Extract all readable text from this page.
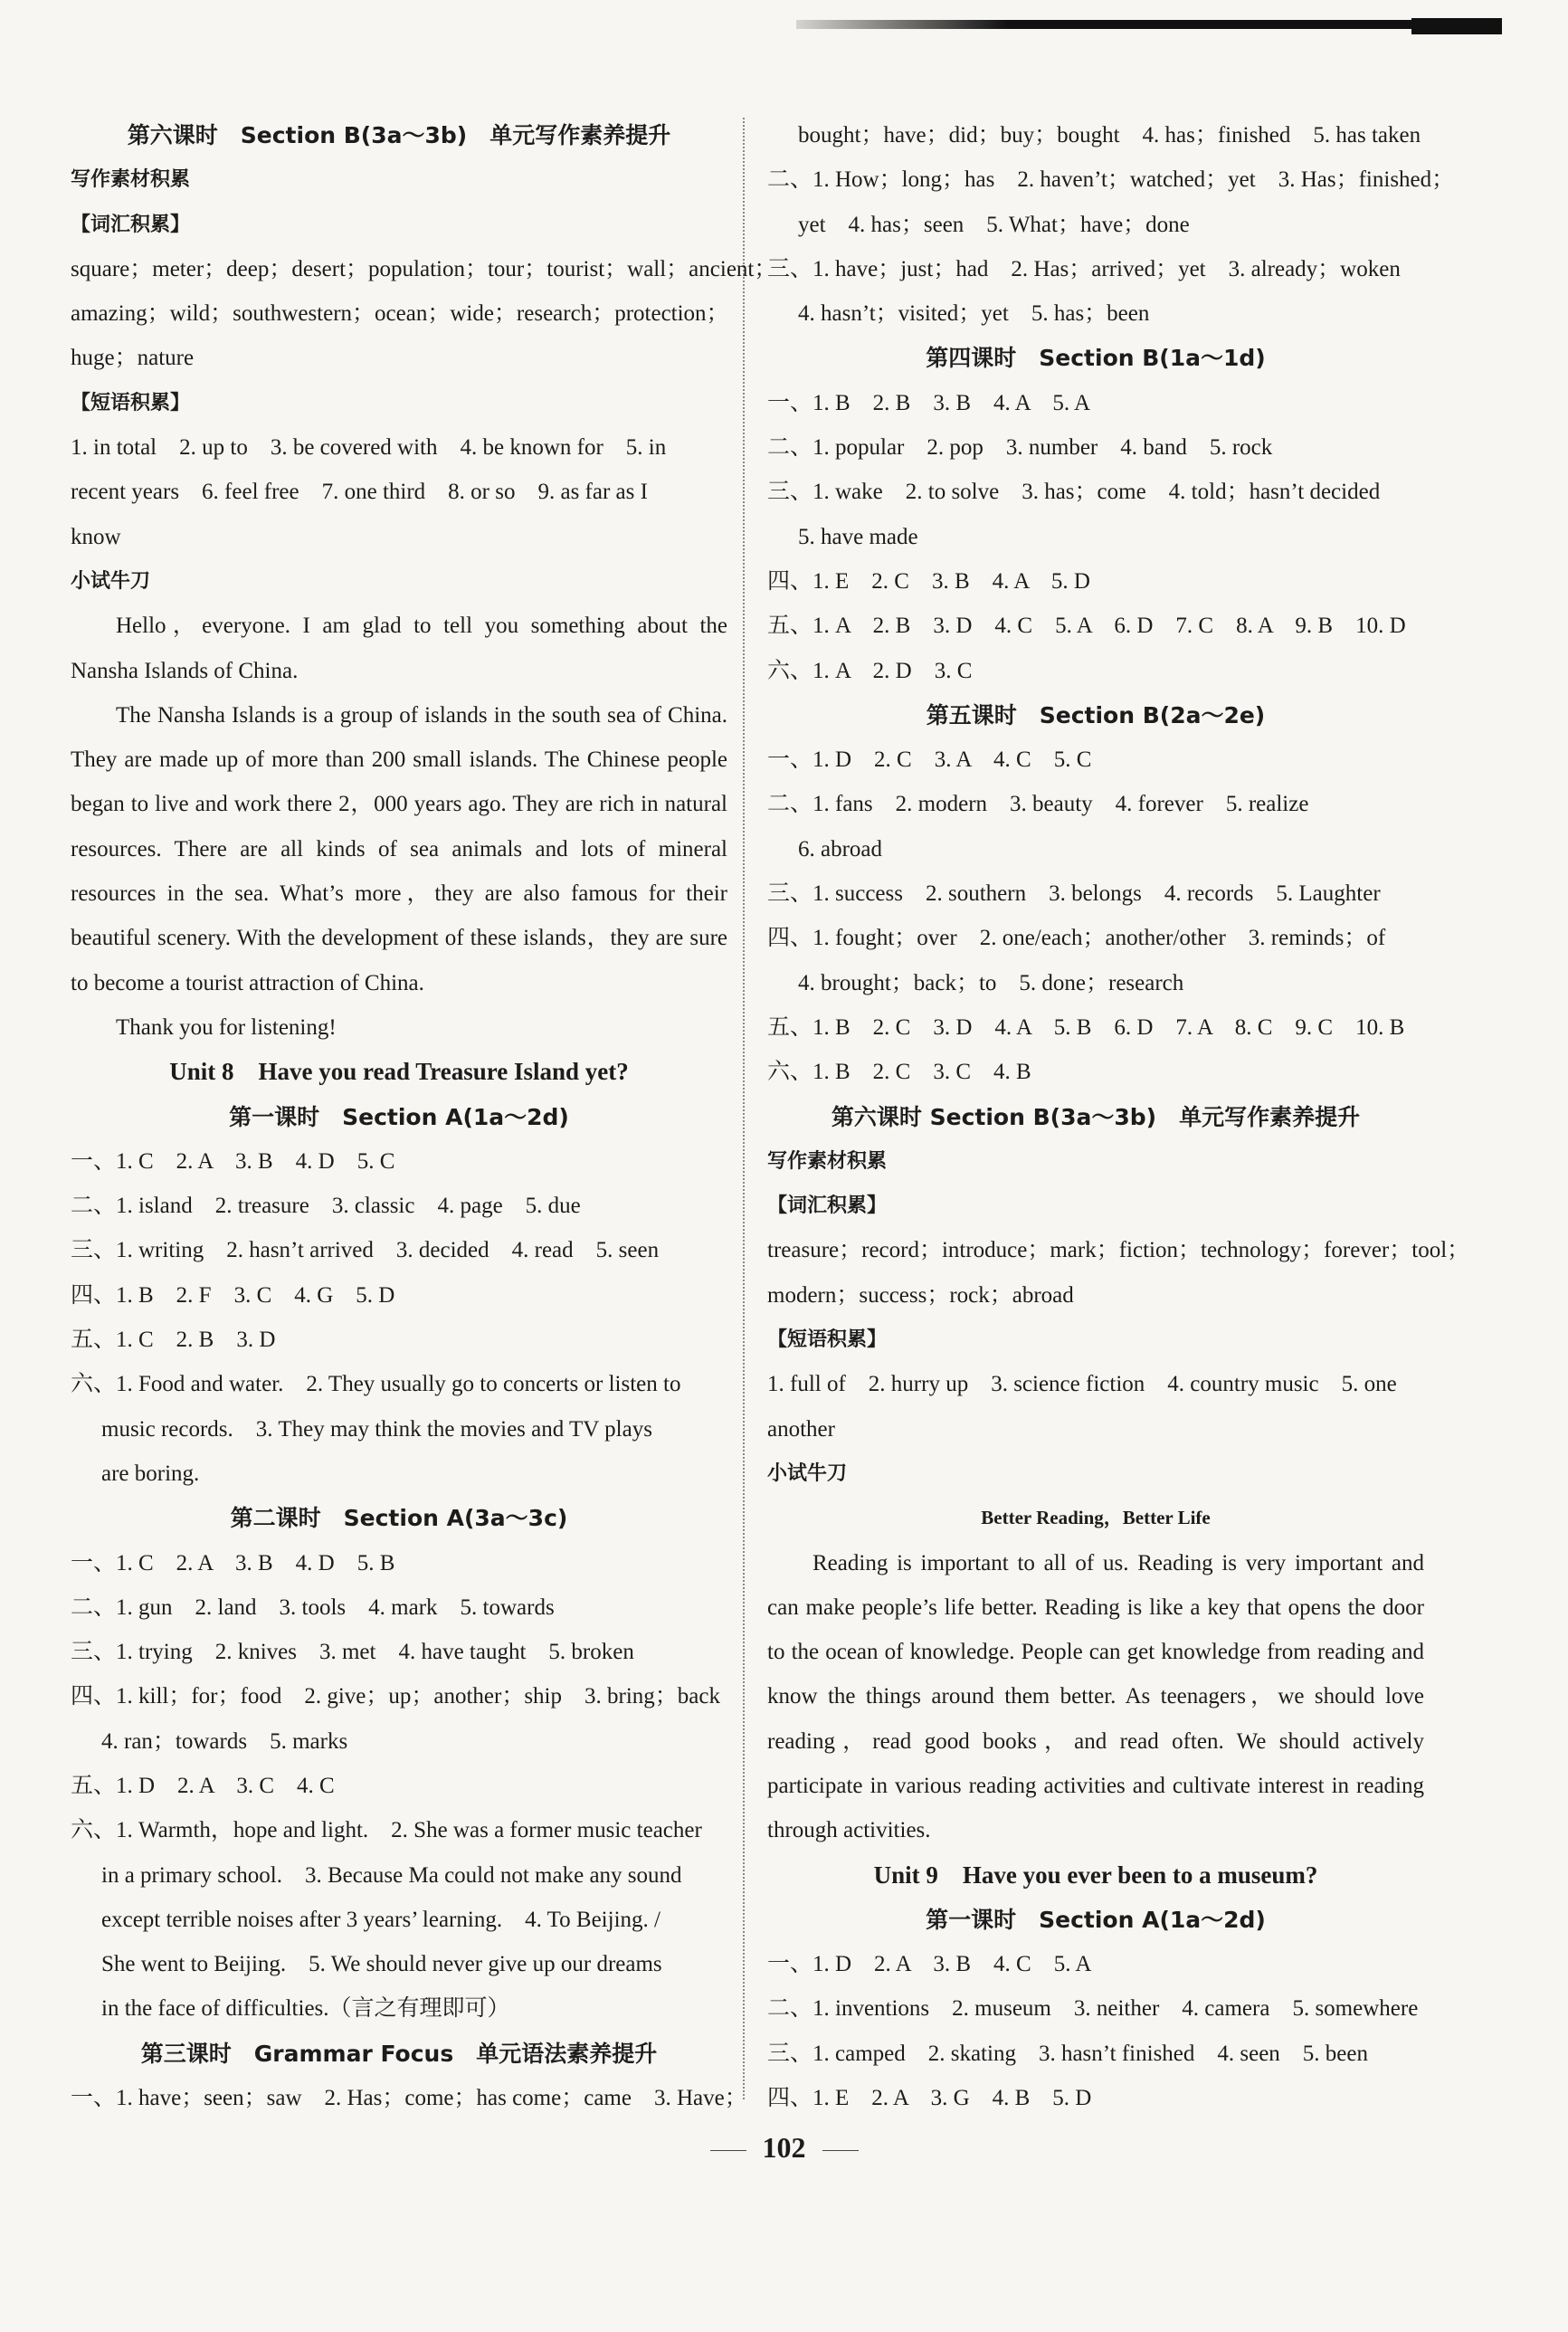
第六课时　Section B(3a～3b)　单元写作素养提升
写作素材积累
【词汇积累】
square；meter；deep；desert；population；tour；tourist；wall；ancient；
amazing；wild；southwestern；ocean；wide；research；protection；
huge；nature
【短语积累】
1. in total　2. up to　3. be covered with　4. be known for　5. in
recent years　6. feel free　7. one third　8. or so　9. as far as I
know
小试牛刀
Hello，everyone. I am glad to tell you something about the Nansha Islands of China.
The Nansha Islands is a group of islands in the south sea of China. They are made up of more than 200 small islands. The Chinese people began to live and work there 2，000 years ago. They are rich in natural resources. There are all kinds of sea animals and lots of mineral resources in the sea. What’s more，they are also famous for their beautiful scenery. With the development of these islands，they are sure to become a tourist attraction of China.
Thank you for listening!
Unit 8　Have you read Treasure Island yet?
第一课时　Section A(1a～2d)
一、1. C　2. A　3. B　4. D　5. C
二、1. island　2. treasure　3. classic　4. page　5. due
三、1. writing　2. hasn’t arrived　3. decided　4. read　5. seen
四、1. B　2. F　3. C　4. G　5. D
五、1. C　2. B　3. D
六、1. Food and water.　2. They usually go to concerts or listen to
music records.　3. They may think the movies and TV plays
are boring.
第二课时　Section A(3a～3c)
一、1. C　2. A　3. B　4. D　5. B
二、1. gun　2. land　3. tools　4. mark　5. towards
三、1. trying　2. knives　3. met　4. have taught　5. broken
四、1. kill；for；food　2. give；up；another；ship　3. bring；back
4. ran；towards　5. marks
五、1. D　2. A　3. C　4. C
六、1. Warmth，hope and light.　2. She was a former music teacher
in a primary school.　3. Because Ma could not make any sound
except terrible noises after 3 years’ learning.　4. To Beijing. /
She went to Beijing.　5. We should never give up our dreams
in the face of difficulties.（言之有理即可）
第三课时　Grammar Focus　单元语法素养提升
一、1. have；seen；saw　2. Has；come；has come；came　3. Have；
bought；have；did；buy；bought　4. has；finished　5. has taken
二、1. How；long；has　2. haven’t；watched；yet　3. Has；finished；
yet　4. has；seen　5. What；have；done
三、1. have；just；had　2. Has；arrived；yet　3. already；woken
4. hasn’t；visited；yet　5. has；been
第四课时　Section B(1a～1d)
一、1. B　2. B　3. B　4. A　5. A
二、1. popular　2. pop　3. number　4. band　5. rock
三、1. wake　2. to solve　3. has；come　4. told；hasn’t decided
5. have made
四、1. E　2. C　3. B　4. A　5. D
五、1. A　2. B　3. D　4. C　5. A　6. D　7. C　8. A　9. B　10. D
六、1. A　2. D　3. C
第五课时　Section B(2a～2e)
一、1. D　2. C　3. A　4. C　5. C
二、1. fans　2. modern　3. beauty　4. forever　5. realize
6. abroad
三、1. success　2. southern　3. belongs　4. records　5. Laughter
四、1. fought；over　2. one/each；another/other　3. reminds；of
4. brought；back；to　5. done；research
五、1. B　2. C　3. D　4. A　5. B　6. D　7. A　8. C　9. C　10. B
六、1. B　2. C　3. C　4. B
第六课时 Section B(3a～3b)　单元写作素养提升
写作素材积累
【词汇积累】
treasure；record；introduce；mark；fiction；technology；forever；tool；
modern；success；rock；abroad
【短语积累】
1. full of　2. hurry up　3. science fiction　4. country music　5. one
another
小试牛刀
Better Reading，Better Life
Reading is important to all of us. Reading is very important and can make people’s life better. Reading is like a key that opens the door to the ocean of knowledge. People can get knowledge from reading and know the things around them better. As teenagers，we should love reading，read good books，and read often. We should actively participate in various reading activities and cultivate interest in reading through activities.
Unit 9　Have you ever been to a museum?
第一课时　Section A(1a～2d)
一、1. D　2. A　3. B　4. C　5. A
二、1. inventions　2. museum　3. neither　4. camera　5. somewhere
三、1. camped　2. skating　3. hasn’t finished　4. seen　5. been
四、1. E　2. A　3. G　4. B　5. D
102
